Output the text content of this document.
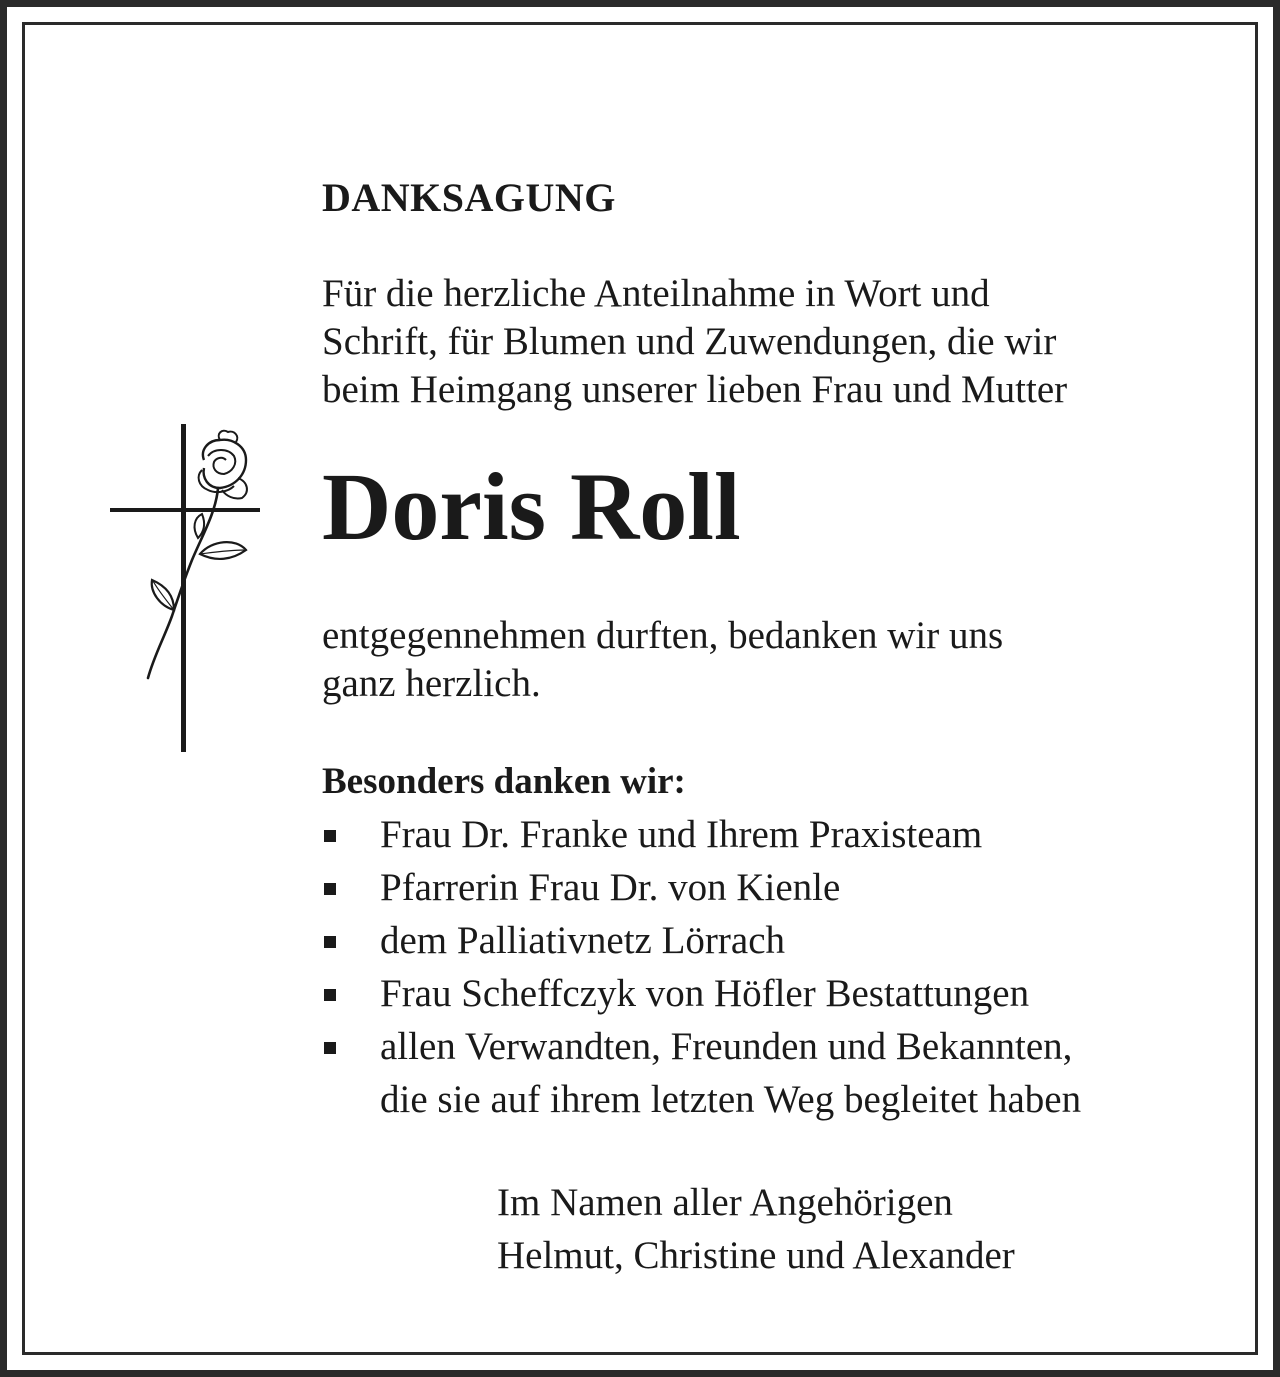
DANKSAGUNG
Für die herzliche Anteilnahme in Wort und
Schrift, für Blumen und Zuwendungen, die wir
beim Heimgang unserer lieben Frau und Mutter
Doris Roll
entgegennehmen durften, bedanken wir uns
ganz herzlich.
Besonders danken wir:
Frau Dr. Franke und Ihrem Praxisteam
Pfarrerin Frau Dr. von Kienle
dem Palliativnetz Lörrach
Frau Scheffczyk von Höfler Bestattungen
allen Verwandten, Freunden und Bekannten,
die sie auf ihrem letzten Weg begleitet haben
Im Namen aller Angehörigen
Helmut, Christine und Alexander
